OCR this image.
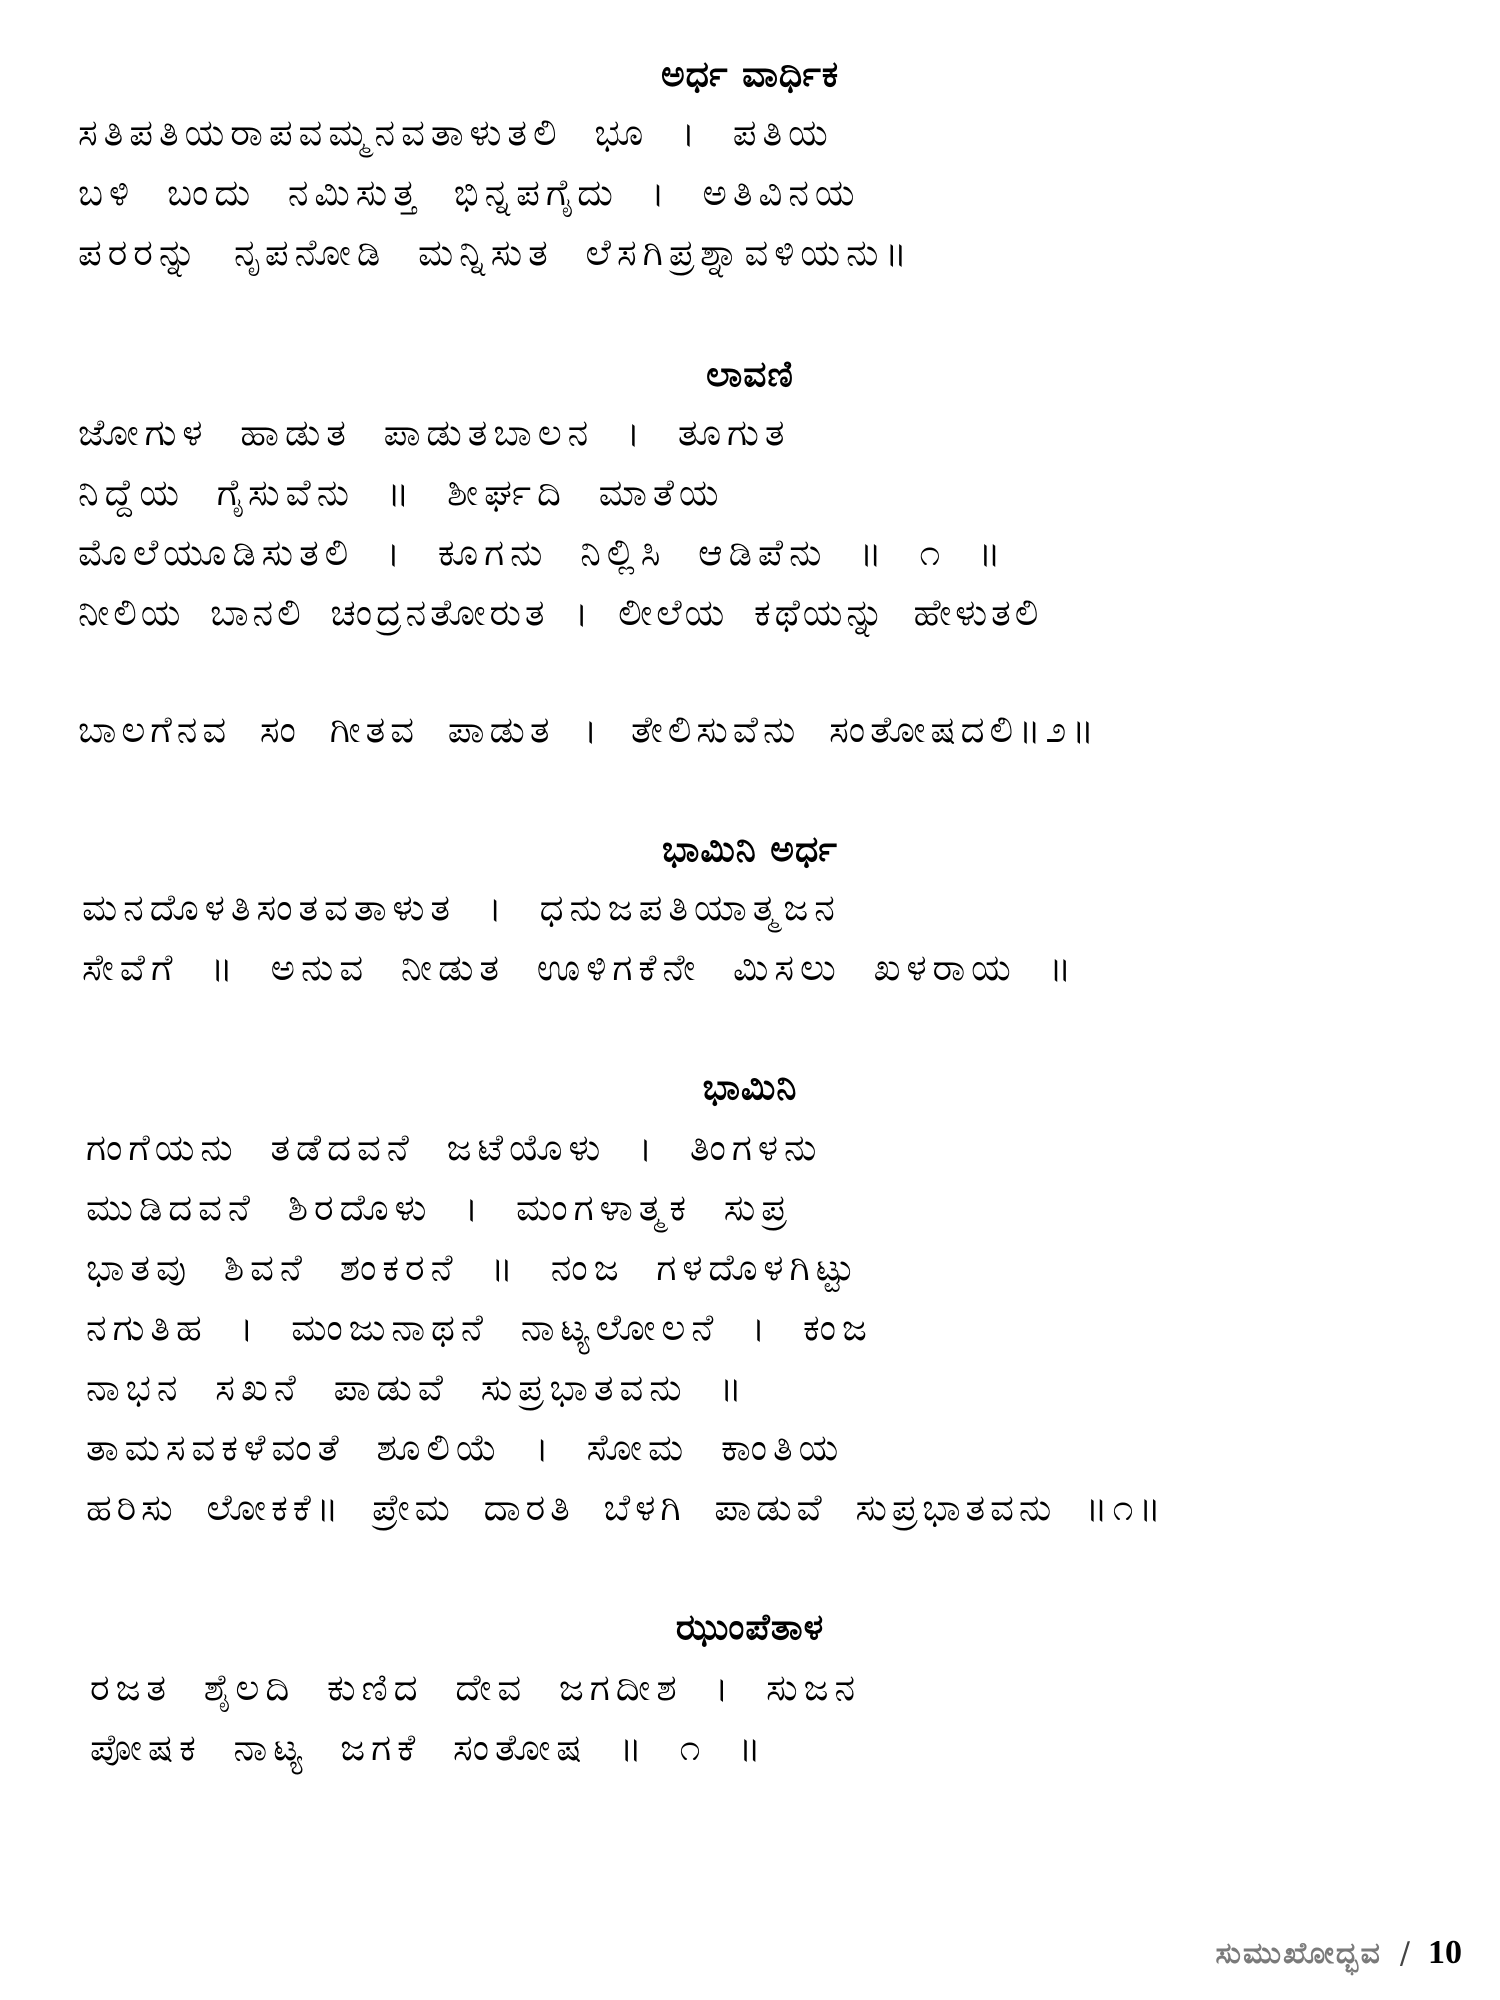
ಅರ್ಧ ವಾರ್ಧಿಕ
ಸತಿಪತಿಯರಾಪವಮ್ಮನವತಾಳುತಲಿ ಭೂ । ಪತಿಯ
ಬಳಿ ಬಂದು ನಮಿಸುತ್ತ ಭಿನ್ನಪಗೈದು । ಅತಿವಿನಯ
ಪರರನ್ನು ನೃಪನೋಡಿ ಮನ್ನಿಸುತ ಲೆಸಗಿಪ್ರಶ್ನಾವಳಿಯನು॥
ಲಾವಣಿ
ಜೋಗುಳ ಹಾಡುತ ಪಾಡುತಬಾಲನ । ತೂಗುತ
ನಿದ್ದೆಯ ಗೈಸುವೆನು ॥ ಶೀರ್ಘದಿ ಮಾತೆಯ
ಮೊಲೆಯೂಡಿಸುತಲಿ । ಕೂಗನು ನಿಲ್ಲಿಸಿ ಆಡಿಪೆನು ॥ ೧ ॥
ನೀಲಿಯ ಬಾನಲಿ ಚಂದ್ರನತೋರುತ । ಲೀಲೆಯ ಕಥೆಯನ್ನು ಹೇಳುತಲಿ
ಬಾಲಗೆನವ ಸಂ ಗೀತವ ಪಾಡುತ । ತೇಲಿಸುವೆನು ಸಂತೋಷದಲಿ॥೨॥
ಭಾಮಿನಿ ಅರ್ಧ
ಮನದೊಳತಿಸಂತವತಾಳುತ । ಧನುಜಪತಿಯಾತ್ಮಜನ
ಸೇವೆಗೆ ॥ ಅನುವ ನೀಡುತ ಊಳಿಗಕೆನೇ ಮಿಸಲು ಖಳರಾಯ ॥
ಭಾಮಿನಿ
ಗಂಗೆಯನು ತಡೆದವನೆ ಜಟೆಯೊಳು । ತಿಂಗಳನು
ಮುಡಿದವನೆ ಶಿರದೊಳು । ಮಂಗಳಾತ್ಮಕ ಸುಪ್ರ
ಭಾತವು ಶಿವನೆ ಶಂಕರನೆ ॥ ನಂಜ ಗಳದೊಳಗಿಟ್ಟು
ನಗುತಿಹ । ಮಂಜುನಾಥನೆ ನಾಟ್ಯಲೋಲನೆ । ಕಂಜ
ನಾಭನ ಸಖನೆ ಪಾಡುವೆ ಸುಪ್ರಭಾತವನು ॥
ತಾಮಸವಕಳೆವಂತೆ ಶೂಲಿಯೆ । ಸೋಮ ಕಾಂತಿಯ
ಹರಿಸು ಲೋಕಕೆ॥ ಪ್ರೇಮ ದಾರತಿ ಬೆಳಗಿ ಪಾಡುವೆ ಸುಪ್ರಭಾತವನು ॥೧॥
ಝುಂಪೆತಾಳ
ರಜತ ಶೈಲದಿ ಕುಣಿದ ದೇವ ಜಗದೀಶ । ಸುಜನ
ಪೋಷಕ ನಾಟ್ಯ ಜಗಕೆ ಸಂತೋಷ ॥ ೧ ॥
ಸುಮುಖೋದ್ಭವ / 10
